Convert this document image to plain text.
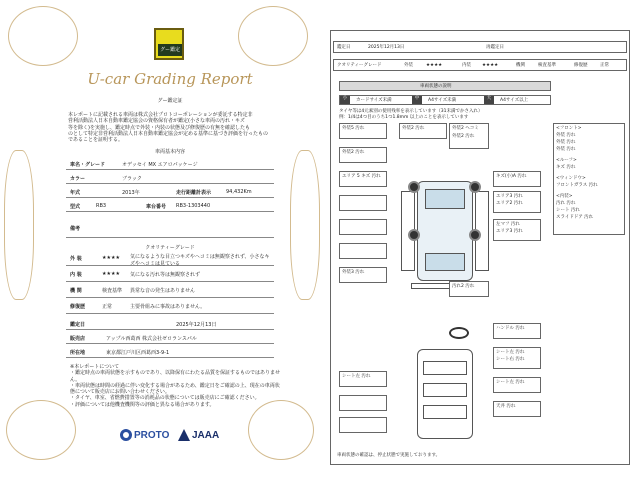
グー鑑定
U-car Grading Report
グー鑑定証
本レポートに記載される車両は株式会社プロトコーポレーションが委託する特定非
営利活動法人日本自動車鑑定協会の資格保有者が鑑定(小さな車両の汚れ・キズ
等を除く)を実施し、鑑定時点で外装・内装の状態及び修復歴の有無を確認したも
のとして特定非営利活動法人日本自動車鑑定協会が定める基準に基づき評価を行ったもの
であることを証明する。
車両基本内容
車名・グレード	オデッセイ MX エアロパッケージ
カラー	ブラック
年式	2013年	走行距離計表示	94,432Km
型式	RB3	車台番号 RB3-1303440
備考
クオリティーグレード
外 装	★★★★ 気になるような目立つキズやヘコミは無観察されず、小さなキズやヘコミは見ている
内 装	★★★★ 気になる汚れ等は無観察されず
機 関	検査基準 異常な音の発生はありません
修復歴	正常	主要骨組みに事故はありません。
鑑定日	2025年12月13日
販売店	アップル西葛西 株式会社ゼロランスパル
所在地	東京都江戸川区西葛西3-9-1
※本レポートについて
・鑑定時点の車両状態を示すものであり、以降保有にわたる品質を保証するものではありません。
・車両状態は時間の経過に伴い変化する場合があるため、鑑定日をご確認の上、現在の車両状態について販売店にお問い合わせください。
・タイヤ、車室、省燃費措置等の消耗品の状態については販売店にご確認ください。
・評価については他機査機関等の評価と異なる場合があります。
PROTO JAAA
鑑定日	2025年12月13日	再鑑定日
クオリティーグレード	外装	★★★★	内装 ★★★★	機関	検査基準	修復歴	正常
車両状態の説明
小	カードサイズ未満	中	A4サイズ未満	大	A4サイズ以上
タイヤ等は4元素別の使用残率を表示しています（31未満でかさ入れ）
例：1/4は4つ目のうち1つ1.8mm 以上のことを表示しています
外装5 汚れ	外装2 汚れ
外装2 汚れ
エリア 5 キズ 汚れ
外装3 汚れ
外装2 ヘコミ
外装2 汚れ
キズ(小)A 汚れ
エリア3 汚れ
エリア2 汚れ
左マフ 汚れ
エリア3 汚れ
汚れ2 汚れ
<フロント>
外装 汚れ
外装 汚れ
外装 汚れ
<ルーフ>
キズ 汚れ
<ウィンドウ>
フロントガラス 汚れ
<内装>
汚れ 汚れ
シート 汚れ
スライドドア 汚れ
ハンドル 汚れ
シート左 汚れ
シート右 汚れ
シート左 汚れ
シート左 汚れ
天井 汚れ
車両状態の確認は、停止状態で実施しております。
